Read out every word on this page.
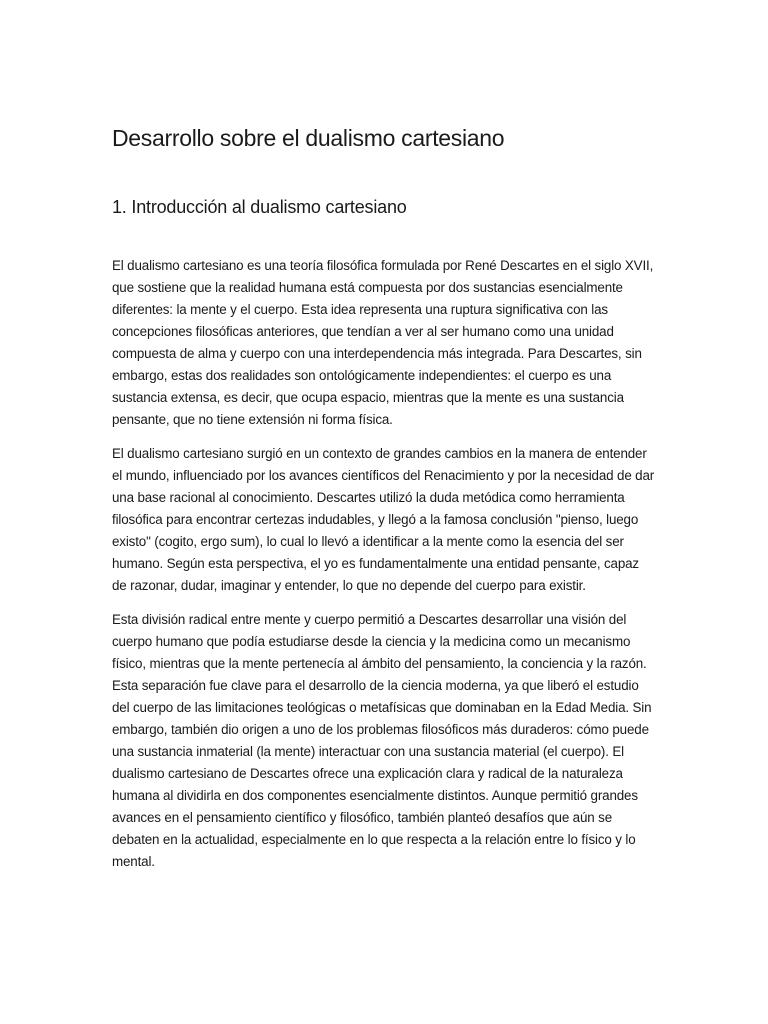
Desarrollo sobre el dualismo cartesiano
1. Introducción al dualismo cartesiano

El dualismo cartesiano es una teoría filosófica formulada por René Descartes en el siglo XVII, que sostiene que la realidad humana está compuesta por dos sustancias esencialmente diferentes: la mente y el cuerpo. Esta idea representa una ruptura significativa con las concepciones filosóficas anteriores, que tendían a ver al ser humano como una unidad compuesta de alma y cuerpo con una interdependencia más integrada. Para Descartes, sin embargo, estas dos realidades son ontológicamente independientes: el cuerpo es una sustancia extensa, es decir, que ocupa espacio, mientras que la mente es una sustancia pensante, que no tiene extensión ni forma física.

El dualismo cartesiano surgió en un contexto de grandes cambios en la manera de entender el mundo, influenciado por los avances científicos del Renacimiento y por la necesidad de dar una base racional al conocimiento. Descartes utilizó la duda metódica como herramienta filosófica para encontrar certezas indudables, y llegó a la famosa conclusión "pienso, luego existo" (cogito, ergo sum), lo cual lo llevó a identificar a la mente como la esencia del ser humano. Según esta perspectiva, el yo es fundamentalmente una entidad pensante, capaz de razonar, dudar, imaginar y entender, lo que no depende del cuerpo para existir.

Esta división radical entre mente y cuerpo permitió a Descartes desarrollar una visión del cuerpo humano que podía estudiarse desde la ciencia y la medicina como un mecanismo físico, mientras que la mente pertenecía al ámbito del pensamiento, la conciencia y la razón. Esta separación fue clave para el desarrollo de la ciencia moderna, ya que liberó el estudio del cuerpo de las limitaciones teológicas o metafísicas que dominaban en la Edad Media. Sin embargo, también dio origen a uno de los problemas filosóficos más duraderos: cómo puede una sustancia inmaterial (la mente) interactuar con una sustancia material (el cuerpo). El dualismo cartesiano de Descartes ofrece una explicación clara y radical de la naturaleza humana al dividirla en dos componentes esencialmente distintos. Aunque permitió grandes avances en el pensamiento científico y filosófico, también planteó desafíos que aún se debaten en la actualidad, especialmente en lo que respecta a la relación entre lo físico y lo mental.
